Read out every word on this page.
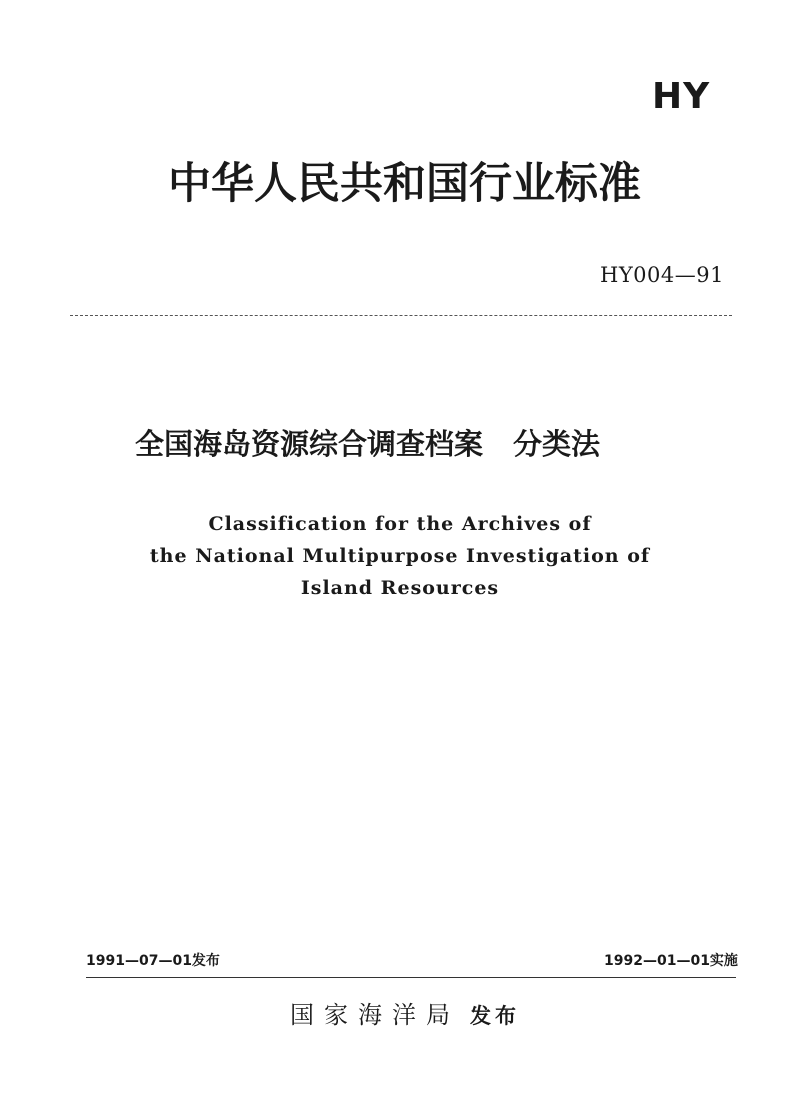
HY
中华人民共和国行业标准
HY004—91
全国海岛资源综合调查档案 分类法
Classification for the Archives of
the National Multipurpose Investigation of
Island Resources
1991—07—01发布	1992—01—01实施
国家海洋局 发布
